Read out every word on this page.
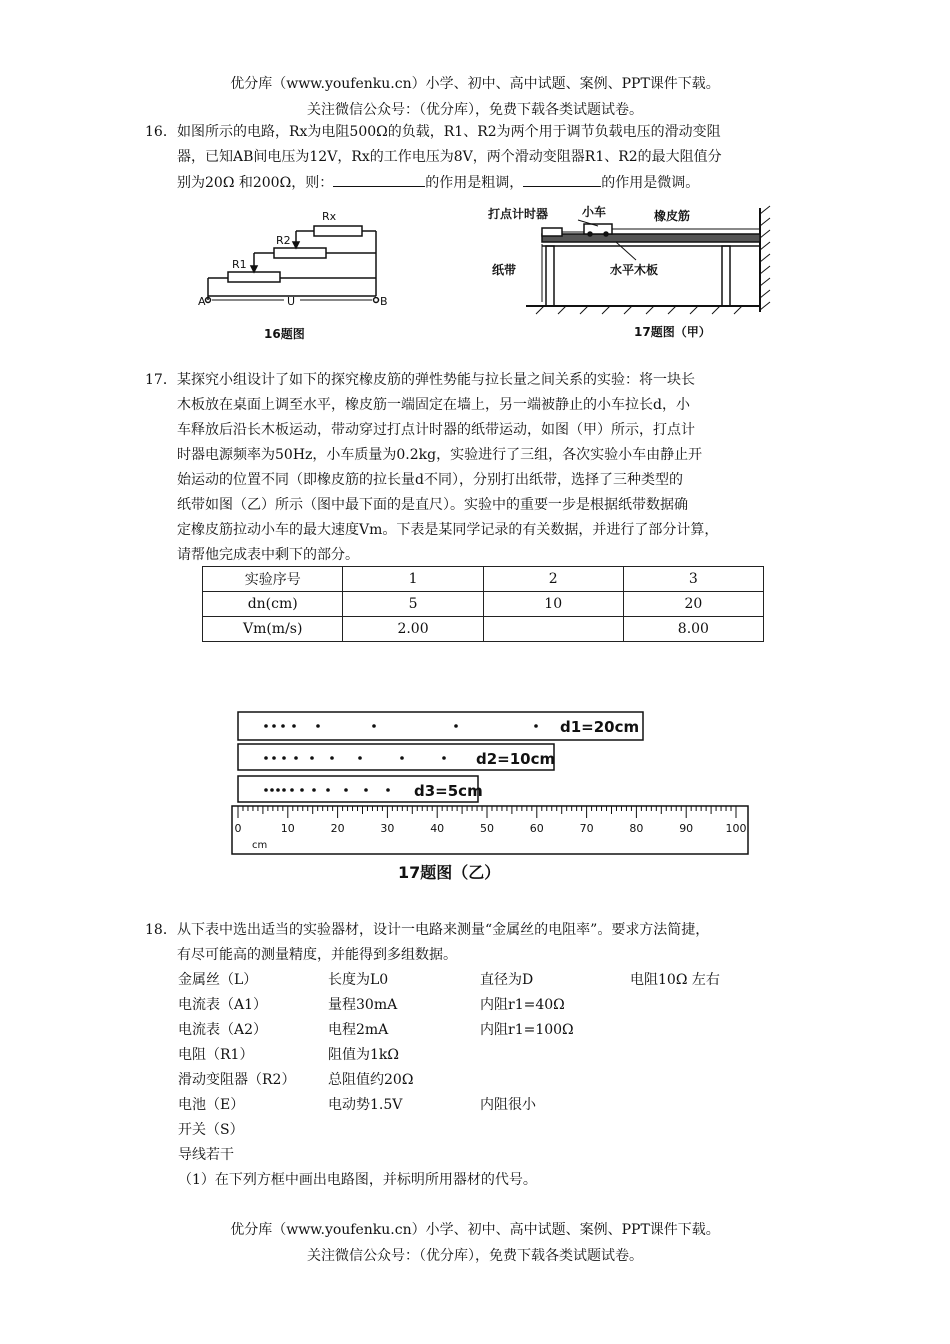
优分库（www.youfenku.cn）小学、初中、高中试题、案例、PPT课件下载。
关注微信公众号：（优分库），免费下载各类试题试卷。
16． 如图所示的电路，Rx为电阻500Ω的负载，R1、R2为两个用于调节负载电压的滑动变阻
器，已知AB间电压为12V，Rx的工作电压为8V，两个滑动变阻器R1、R2的最大阻值分
别为20Ω 和200Ω，则：	的作用是粗调，	的作用是微调。
Rx
R2
R1
A	B
U
16题图
打点计时器	小车	橡皮筋
纸带	水平木板
17题图（甲）
17． 某探究小组设计了如下的探究橡皮筋的弹性势能与拉长量之间关系的实验：将一块长
木板放在桌面上调至水平，橡皮筋一端固定在墙上，另一端被静止的小车拉长d，小
车释放后沿长木板运动，带动穿过打点计时器的纸带运动，如图（甲）所示，打点计
时器电源频率为50Hz，小车质量为0.2kg，实验进行了三组，各次实验小车由静止开
始运动的位置不同（即橡皮筋的拉长量d不同），分别打出纸带，选择了三种类型的
纸带如图（乙）所示（图中最下面的是直尺）。实验中的重要一步是根据纸带数据确
定橡皮筋拉动小车的最大速度Vm。下表是某同学记录的有关数据，并进行了部分计算，
请帮他完成表中剩下的部分。
实验序号	1	2	3
dn(cm)	5	10	20
Vm(m/s)	2.00		8.00
d1=20cm
d2=10cm
d3=5cm
0	10	20	30	40	50	60	70	80	90	100
cm
17题图（乙）
18． 从下表中选出适当的实验器材，设计一电路来测量“金属丝的电阻率”。要求方法简捷，
有尽可能高的测量精度，并能得到多组数据。
金属丝（L）	长度为L0	直径为D	电阻10Ω 左右
电流表（A1）	量程30mA	内阻r1=40Ω
电流表（A2）	电程2mA	内阻r1=100Ω
电阻（R1）	阻值为1kΩ
滑动变阻器（R2） 总阻值约20Ω
电池（E）	电动势1.5V	内阻很小
开关（S）
导线若干
（1）在下列方框中画出电路图，并标明所用器材的代号。
优分库（www.youfenku.cn）小学、初中、高中试题、案例、PPT课件下载。
关注微信公众号：（优分库），免费下载各类试题试卷。
